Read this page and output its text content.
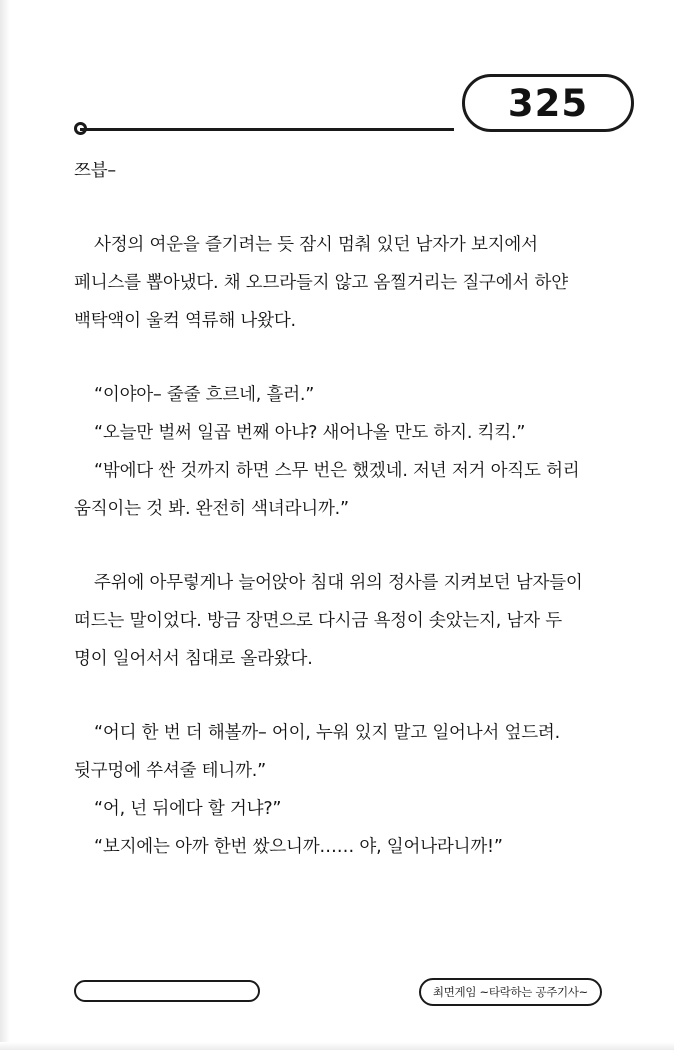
325

쯔븝–

사정의 여운을 즐기려는 듯 잠시 멈춰 있던 남자가 보지에서 페니스를 뽑아냈다. 채 오므라들지 않고 옴찔거리는 질구에서 하얀 백탁액이 울컥 역류해 나왔다.

“이야아– 줄줄 흐르네, 흘러.”

“오늘만 벌써 일곱 번째 아냐? 새어나올 만도 하지. 킥킥.”

“밖에다 싼 것까지 하면 스무 번은 했겠네. 저년 저거 아직도 허리 움직이는 것 봐. 완전히 색녀라니까.”

주위에 아무렇게나 늘어앉아 침대 위의 정사를 지켜보던 남자들이 떠드는 말이었다. 방금 장면으로 다시금 욕정이 솟았는지, 남자 두 명이 일어서서 침대로 올라왔다.

“어디 한 번 더 해볼까– 어이, 누워 있지 말고 일어나서 엎드려. 뒷구멍에 쑤셔줄 테니까.”

“어, 넌 뒤에다 할 거냐?”

“보지에는 아까 한번 쌌으니까…… 야, 일어나라니까!”

최면게임 ~타락하는 공주기사~
